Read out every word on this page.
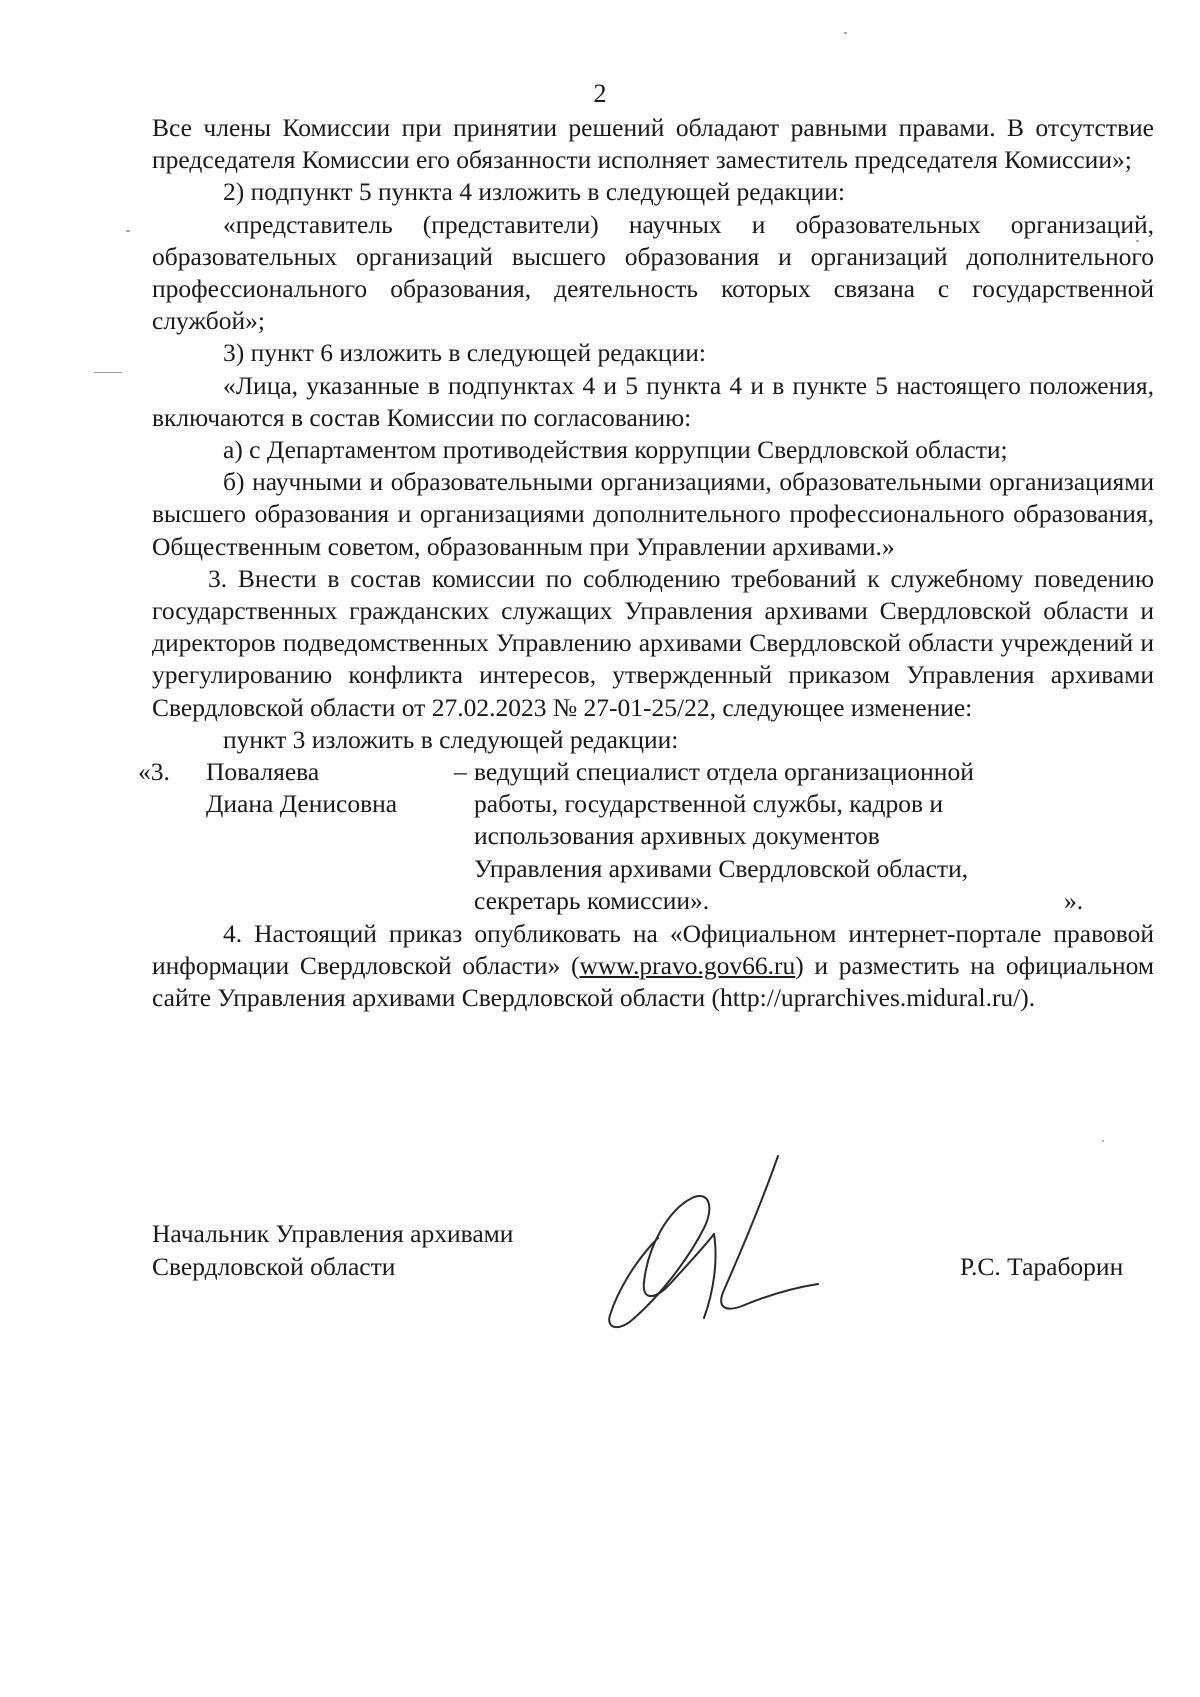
2

Все члены Комиссии при принятии решений обладают равными правами. В отсутствие председателя Комиссии его обязанности исполняет заместитель председателя Комиссии»;

2) подпункт 5 пункта 4 изложить в следующей редакции:

«представитель (представители) научных и образовательных организаций, образовательных организаций высшего образования и организаций дополнительного профессионального образования, деятельность которых связана с государственной службой»;

3) пункт 6 изложить в следующей редакции:

«Лица, указанные в подпунктах 4 и 5 пункта 4 и в пункте 5 настоящего положения, включаются в состав Комиссии по согласованию:

а) с Департаментом противодействия коррупции Свердловской области;

б) научными и образовательными организациями, образовательными организациями высшего образования и организациями дополнительного профессионального образования, Общественным советом, образованным при Управлении архивами.»

3. Внести в состав комиссии по соблюдению требований к служебному поведению государственных гражданских служащих Управления архивами Свердловской области и директоров подведомственных Управлению архивами Свердловской области учреждений и урегулированию конфликта интересов, утвержденный приказом Управления архивами Свердловской области от 27.02.2023 № 27-01-25/22, следующее изменение:

пункт 3 изложить в следующей редакции:

«3. Поваляева
Диана Денисовна
– ведущий специалист отдела организационной
работы, государственной службы, кадров и
использования архивных документов
Управления архивами Свердловской области,
секретарь комиссии».	».

4. Настоящий приказ опубликовать на «Официальном интернет-портале правовой информации Свердловской области» (www.pravo.gov66.ru) и разместить на официальном сайте Управления архивами Свердловской области (http://uprarchives.midural.ru/).

Начальник Управления архивами
Свердловской области	Р.С. Тараборин
